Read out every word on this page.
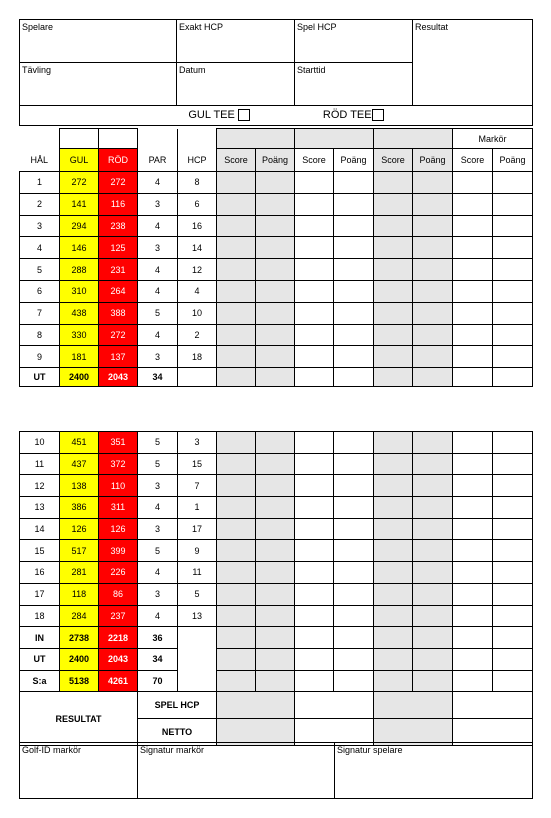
Spelare	Exakt HCP	Spel HCP	Resultat
Tävling	Datum	Starttid	
GUL TEE RÖD TEE			
											Markör	
HÅL	GUL	RÖD	PAR	HCP	Score	Poäng	Score	Poäng	Score	Poäng	Score	Poäng
1	272	272	4	8								
2	141	116	3	6								
3	294	238	4	16								
4	146	125	3	14								
5	288	231	4	12								
6	310	264	4	4								
7	438	388	5	10								
8	330	272	4	2								
9	181	137	3	18								
UT	2400	2043	34									
10	451	351	5	3								
11	437	372	5	15								
12	138	110	3	7								
13	386	311	4	1								
14	126	126	3	17								
15	517	399	5	9								
16	281	226	4	11								
17	118	86	3	5								
18	284	237	4	13								
IN	2738	2218	36									
UT	2400	2043	34									
S:a	5138	4261	70									
RESULTAT			SPEL HCP									
			NETTO									
Golf-ID markör	Signatur markör	Signatur spelare
